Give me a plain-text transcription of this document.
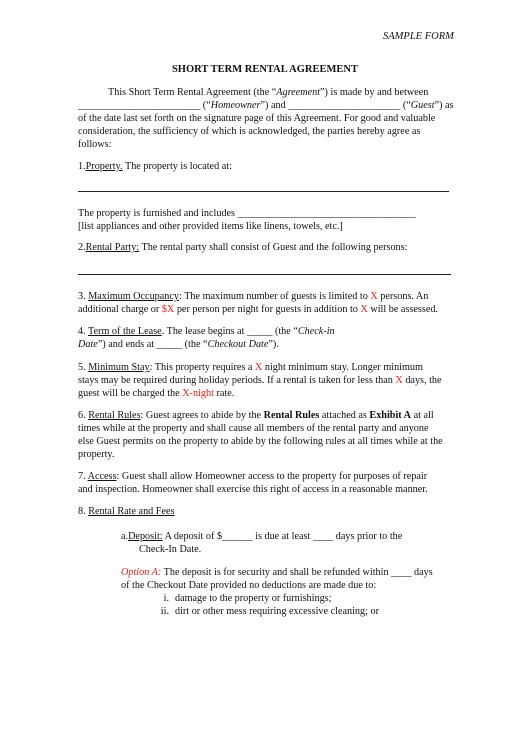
SAMPLE FORM
SHORT TERM RENTAL AGREEMENT
This Short Term Rental Agreement (the “Agreement”) is made by and between
________________________ (“Homeowner”) and ______________________ (“Guest”) as
of the date last set forth on the signature page of this Agreement. For good and valuable
consideration, the sufficiency of which is acknowledged, the parties hereby agree as
follows:
1.Property. The property is located at:
The property is furnished and includes ___________________________________
[list appliances and other provided items like linens, towels, etc.]
2.Rental Party: The rental party shall consist of Guest and the following persons:
3. Maximum Occupancy: The maximum number of guests is limited to X persons. An
additional charge or $X per person per night for guests in addition to X will be assessed.
4. Term of the Lease. The lease begins at _____ (the “Check-in
Date”) and ends at _____ (the “Checkout Date”).
5. Minimum Stay: This property requires a X night minimum stay. Longer minimum
stays may be required during holiday periods. If a rental is taken for less than X days, the
guest will be charged the X-night rate.
6. Rental Rules: Guest agrees to abide by the Rental Rules attached as Exhibit A at all
times while at the property and shall cause all members of the rental party and anyone
else Guest permits on the property to abide by the following rules at all times while at the
property.
7. Access: Guest shall allow Homeowner access to the property for purposes of repair
and inspection. Homeowner shall exercise this right of access in a reasonable manner.
8. Rental Rate and Fees
a.Deposit: A deposit of $______ is due at least ____ days prior to the
Check-In Date.
Option A: The deposit is for security and shall be refunded within ____ days
of the Checkout Date provided no deductions are made due to:
i. damage to the property or furnishings;
ii. dirt or other mess requiring excessive cleaning; or
